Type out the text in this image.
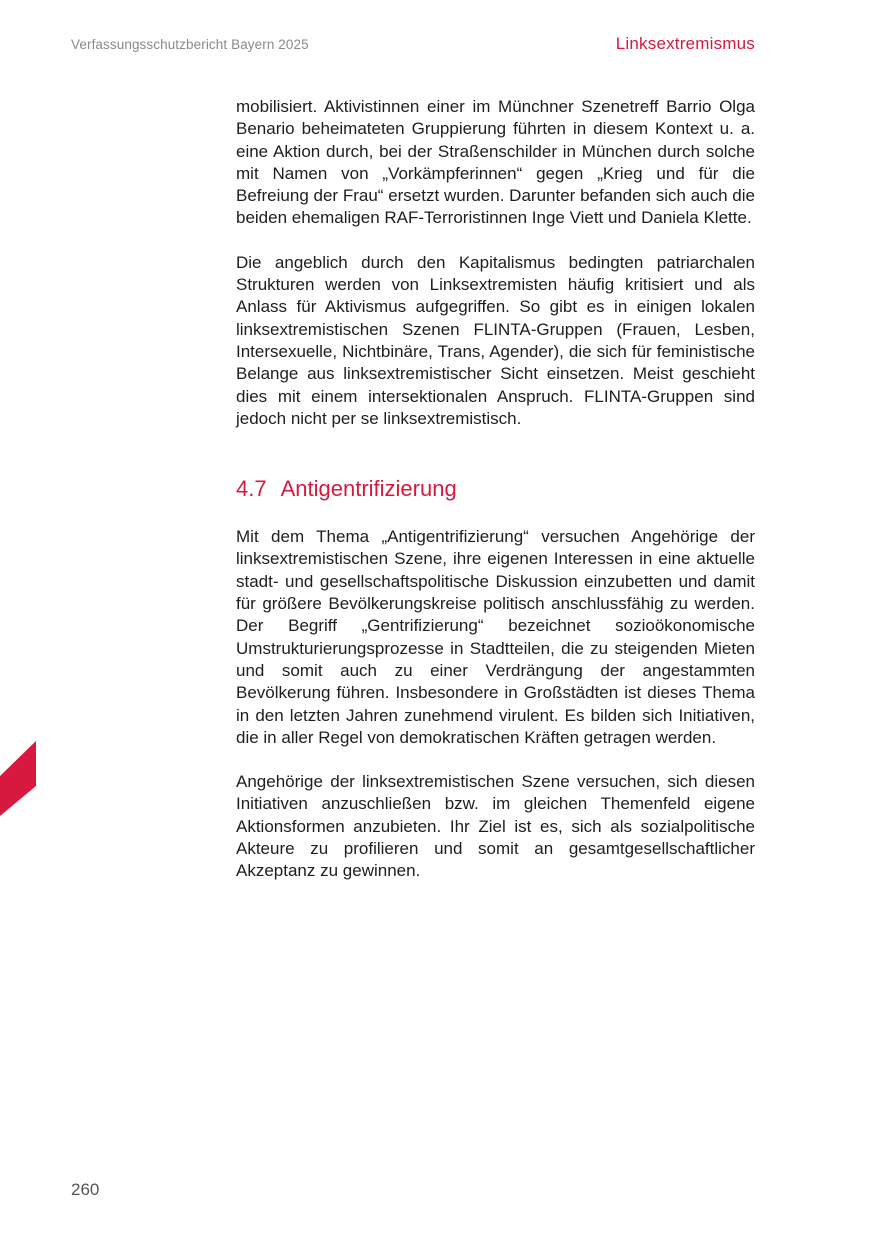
Verfassungsschutzbericht Bayern 2025	Linksextremismus

mobilisiert. Aktivistinnen einer im Münchner Szenetreff Barrio Olga Benario beheimateten Gruppierung führten in diesem Kontext u. a. eine Aktion durch, bei der Straßenschilder in München durch solche mit Namen von „Vorkämpferinnen“ gegen „Krieg und für die Befreiung der Frau“ ersetzt wurden. Darunter befanden sich auch die beiden ehemaligen RAF-Terroristinnen Inge Viett und Daniela Klette.

Die angeblich durch den Kapitalismus bedingten patriarchalen Strukturen werden von Linksextremisten häufig kritisiert und als Anlass für Aktivismus aufgegriffen. So gibt es in einigen lokalen linksextremistischen Szenen FLINTA-Gruppen (Frauen, Lesben, Intersexuelle, Nichtbinäre, Trans, Agender), die sich für feministische Belange aus linksextremistischer Sicht einsetzen. Meist geschieht dies mit einem intersektionalen Anspruch. FLINTA-Gruppen sind jedoch nicht per se linksextremistisch.

4.7 Antigentrifizierung

Mit dem Thema „Antigentrifizierung“ versuchen Angehörige der linksextremistischen Szene, ihre eigenen Interessen in eine aktuelle stadt- und gesellschaftspolitische Diskussion einzubetten und damit für größere Bevölkerungskreise politisch anschlussfähig zu werden. Der Begriff „Gentrifizierung“ bezeichnet sozioökonomische Umstrukturierungsprozesse in Stadtteilen, die zu steigenden Mieten und somit auch zu einer Verdrängung der angestammten Bevölkerung führen. Insbesondere in Großstädten ist dieses Thema in den letzten Jahren zunehmend virulent. Es bilden sich Initiativen, die in aller Regel von demokratischen Kräften getragen werden.

Angehörige der linksextremistischen Szene versuchen, sich diesen Initiativen anzuschließen bzw. im gleichen Themenfeld eigene Aktionsformen anzubieten. Ihr Ziel ist es, sich als sozialpolitische Akteure zu profilieren und somit an gesamtgesellschaftlicher Akzeptanz zu gewinnen.

260
